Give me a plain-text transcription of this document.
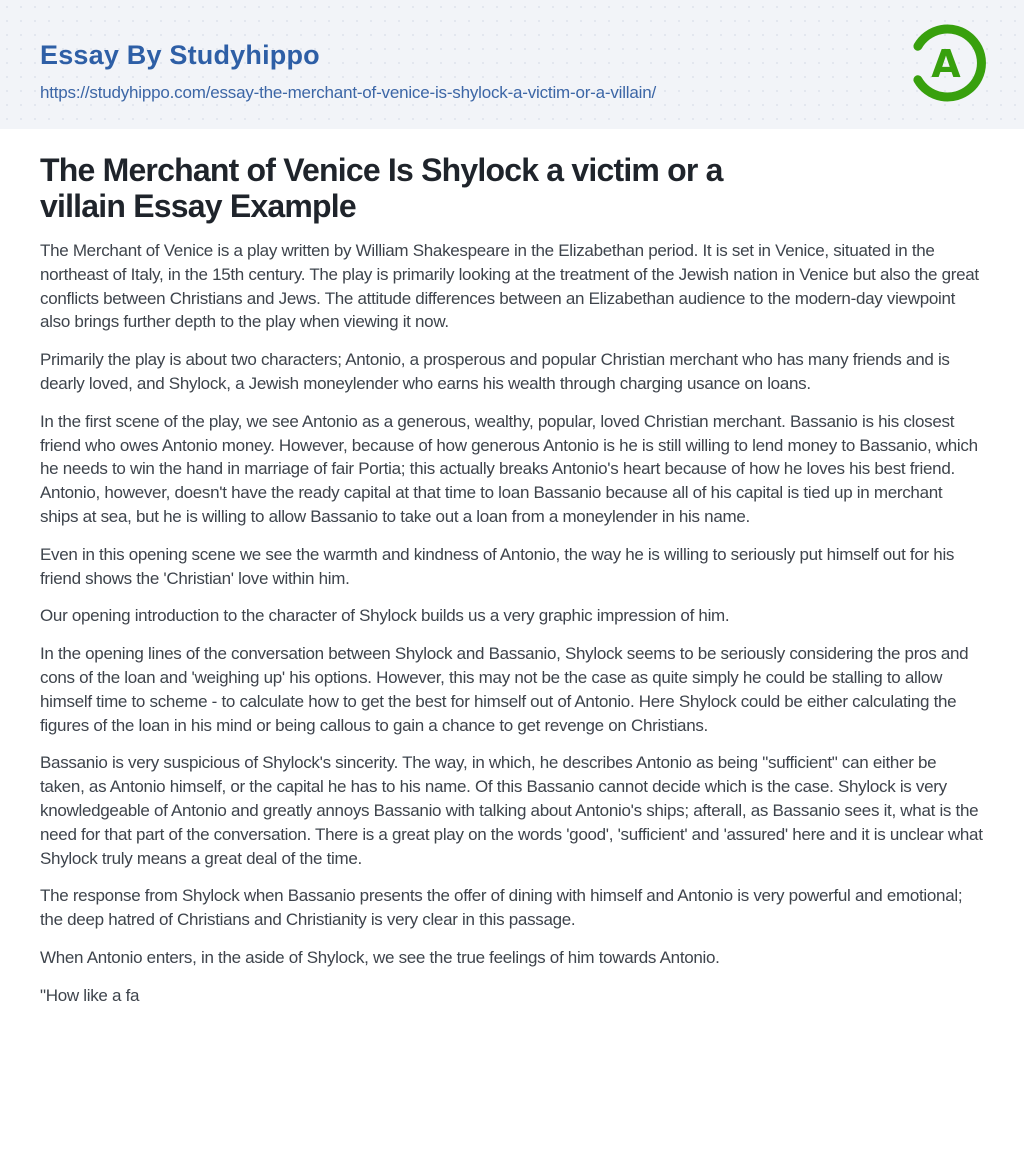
Essay By Studyhippo
https://studyhippo.com/essay-the-merchant-of-venice-is-shylock-a-victim-or-a-villain/
A
The Merchant of Venice Is Shylock a victim or a
villain Essay Example

The Merchant of Venice is a play written by William Shakespeare in the Elizabethan period. It is set in Venice, situated in the northeast of Italy, in the 15th century. The play is primarily looking at the treatment of the Jewish nation in Venice but also the great conflicts between Christians and Jews. The attitude differences between an Elizabethan audience to the modern-day viewpoint also brings further depth to the play when viewing it now.

Primarily the play is about two characters; Antonio, a prosperous and popular Christian merchant who has many friends and is dearly loved, and Shylock, a Jewish moneylender who earns his wealth through charging usance on loans.

In the first scene of the play, we see Antonio as a generous, wealthy, popular, loved Christian merchant. Bassanio is his closest friend who owes Antonio money. However, because of how generous Antonio is he is still willing to lend money to Bassanio, which he needs to win the hand in marriage of fair Portia; this actually breaks Antonio's heart because of how he loves his best friend. Antonio, however, doesn't have the ready capital at that time to loan Bassanio because all of his capital is tied up in merchant ships at sea, but he is willing to allow Bassanio to take out a loan from a moneylender in his name.

Even in this opening scene we see the warmth and kindness of Antonio, the way he is willing to seriously put himself out for his friend shows the 'Christian' love within him.

Our opening introduction to the character of Shylock builds us a very graphic impression of him.

In the opening lines of the conversation between Shylock and Bassanio, Shylock seems to be seriously considering the pros and cons of the loan and 'weighing up' his options. However, this may not be the case as quite simply he could be stalling to allow himself time to scheme - to calculate how to get the best for himself out of Antonio. Here Shylock could be either calculating the figures of the loan in his mind or being callous to gain a chance to get revenge on Christians.

Bassanio is very suspicious of Shylock's sincerity. The way, in which, he describes Antonio as being "sufficient" can either be taken, as Antonio himself, or the capital he has to his name. Of this Bassanio cannot decide which is the case. Shylock is very knowledgeable of Antonio and greatly annoys Bassanio with talking about Antonio's ships; afterall, as Bassanio sees it, what is the need for that part of the conversation. There is a great play on the words 'good', 'sufficient' and 'assured' here and it is unclear what Shylock truly means a great deal of the time.

The response from Shylock when Bassanio presents the offer of dining with himself and Antonio is very powerful and emotional; the deep hatred of Christians and Christianity is very clear in this passage.

When Antonio enters, in the aside of Shylock, we see the true feelings of him towards Antonio.

"How like a fa
